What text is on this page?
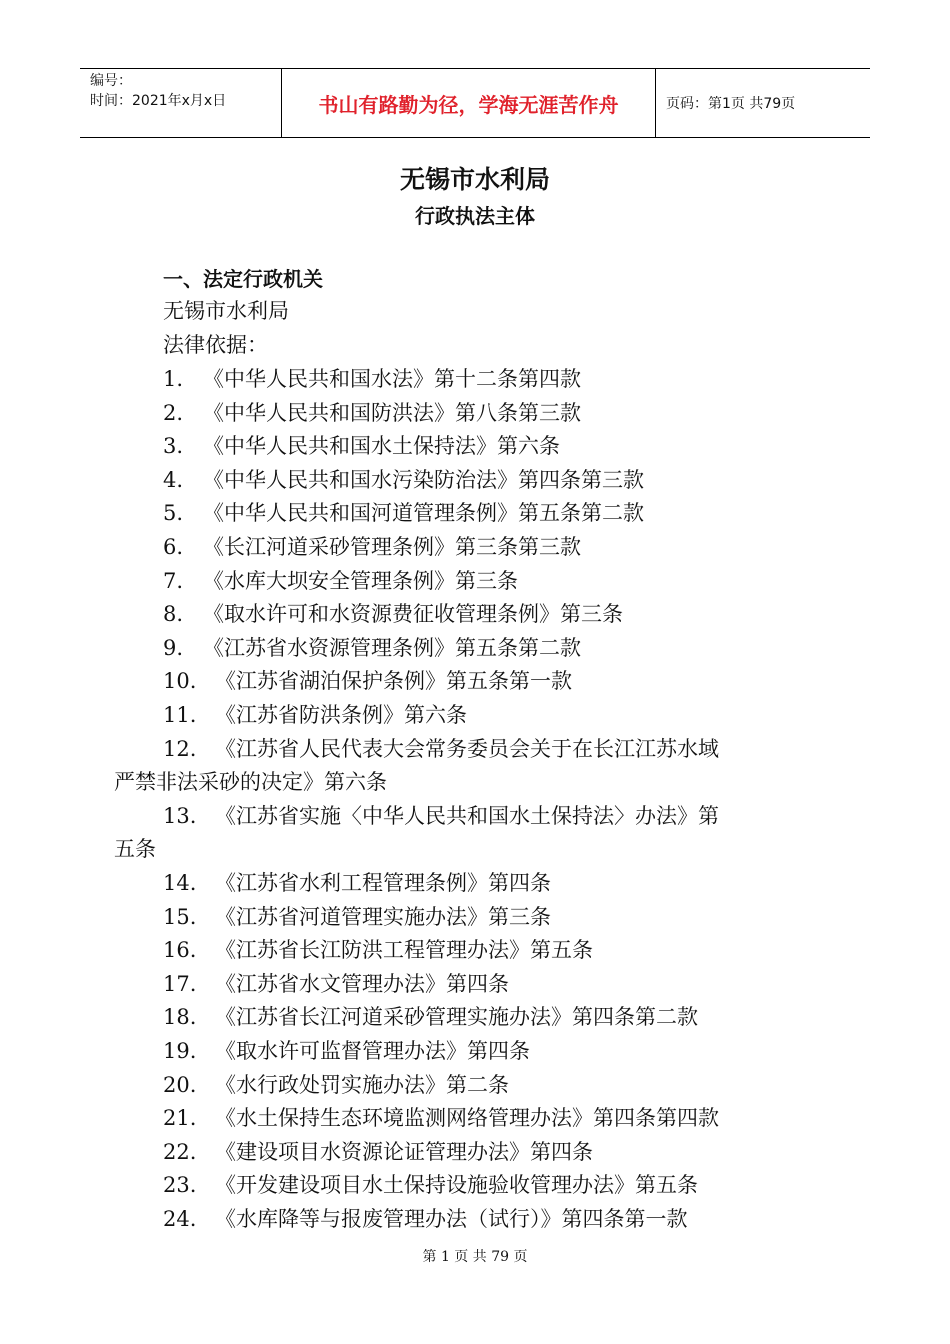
编号：
时间：2021年x月x日	书山有路勤为径，学海无涯苦作舟	页码：第1页 共79页
无锡市水利局
行政执法主体
一、法定行政机关
无锡市水利局
法律依据：
1. 《中华人民共和国水法》第十二条第四款
2. 《中华人民共和国防洪法》第八条第三款
3. 《中华人民共和国水土保持法》第六条
4. 《中华人民共和国水污染防治法》第四条第三款
5. 《中华人民共和国河道管理条例》第五条第二款
6. 《长江河道采砂管理条例》第三条第三款
7. 《水库大坝安全管理条例》第三条
8. 《取水许可和水资源费征收管理条例》第三条
9. 《江苏省水资源管理条例》第五条第二款
10. 《江苏省湖泊保护条例》第五条第一款
11. 《江苏省防洪条例》第六条
12. 《江苏省人民代表大会常务委员会关于在长江江苏水域
严禁非法采砂的决定》第六条
13. 《江苏省实施〈中华人民共和国水土保持法〉办法》第
五条
14. 《江苏省水利工程管理条例》第四条
15. 《江苏省河道管理实施办法》第三条
16. 《江苏省长江防洪工程管理办法》第五条
17. 《江苏省水文管理办法》第四条
18. 《江苏省长江河道采砂管理实施办法》第四条第二款
19. 《取水许可监督管理办法》第四条
20. 《水行政处罚实施办法》第二条
21. 《水土保持生态环境监测网络管理办法》第四条第四款
22. 《建设项目水资源论证管理办法》第四条
23. 《开发建设项目水土保持设施验收管理办法》第五条
24. 《水库降等与报废管理办法（试行）》第四条第一款
第 1 页 共 79 页
